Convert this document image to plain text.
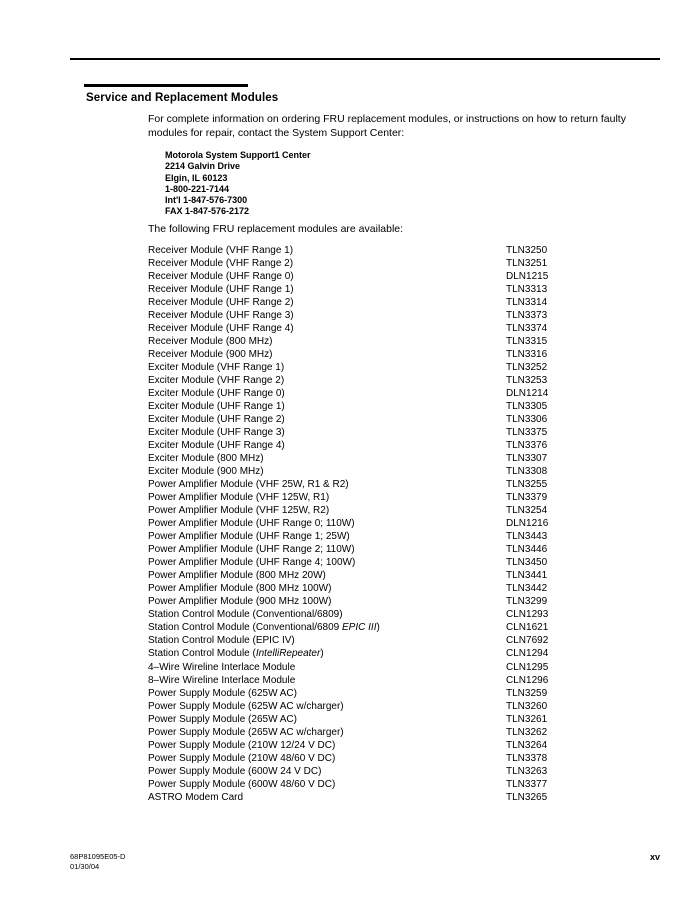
Service and Replacement Modules
For complete information on ordering FRU replacement modules, or instructions on how to return faulty modules for repair, contact the System Support Center:
Motorola System Support1 Center
2214 Galvin Drive
Elgin, IL 60123
1-800-221-7144
Int'l 1-847-576-7300
FAX 1-847-576-2172
The following FRU replacement modules are available:
Receiver Module (VHF Range 1)	TLN3250
Receiver Module (VHF Range 2)	TLN3251
Receiver Module (UHF Range 0)	DLN1215
Receiver Module (UHF Range 1)	TLN3313
Receiver Module (UHF Range 2)	TLN3314
Receiver Module (UHF Range 3)	TLN3373
Receiver Module (UHF Range 4)	TLN3374
Receiver Module (800 MHz)	TLN3315
Receiver Module (900 MHz)	TLN3316
Exciter Module (VHF Range 1)	TLN3252
Exciter Module (VHF Range 2)	TLN3253
Exciter Module (UHF Range 0)	DLN1214
Exciter Module (UHF Range 1)	TLN3305
Exciter Module (UHF Range 2)	TLN3306
Exciter Module (UHF Range 3)	TLN3375
Exciter Module (UHF Range 4)	TLN3376
Exciter Module (800 MHz)	TLN3307
Exciter Module (900 MHz)	TLN3308
Power Amplifier Module (VHF 25W, R1 & R2)	TLN3255
Power Amplifier Module (VHF 125W, R1)	TLN3379
Power Amplifier Module (VHF 125W, R2)	TLN3254
Power Amplifier Module (UHF Range 0; 110W)	DLN1216
Power Amplifier Module (UHF Range 1; 25W)	TLN3443
Power Amplifier Module (UHF Range 2; 110W)	TLN3446
Power Amplifier Module (UHF Range 4; 100W)	TLN3450
Power Amplifier Module (800 MHz 20W)	TLN3441
Power Amplifier Module (800 MHz 100W)	TLN3442
Power Amplifier Module (900 MHz 100W)	TLN3299
Station Control Module (Conventional/6809)	CLN1293
Station Control Module (Conventional/6809 EPIC III)	CLN1621
Station Control Module (EPIC IV)	CLN7692
Station Control Module (IntelliRepeater)	CLN1294
4–Wire Wireline Interlace Module	CLN1295
8–Wire Wireline Interlace Module	CLN1296
Power Supply Module (625W AC)	TLN3259
Power Supply Module (625W AC w/charger)	TLN3260
Power Supply Module (265W AC)	TLN3261
Power Supply Module (265W AC w/charger)	TLN3262
Power Supply Module (210W 12/24 V DC)	TLN3264
Power Supply Module (210W 48/60 V DC)	TLN3378
Power Supply Module (600W 24 V DC)	TLN3263
Power Supply Module (600W 48/60 V DC)	TLN3377
ASTRO Modem Card	TLN3265
68P81095E05-D
01/30/04
xv
